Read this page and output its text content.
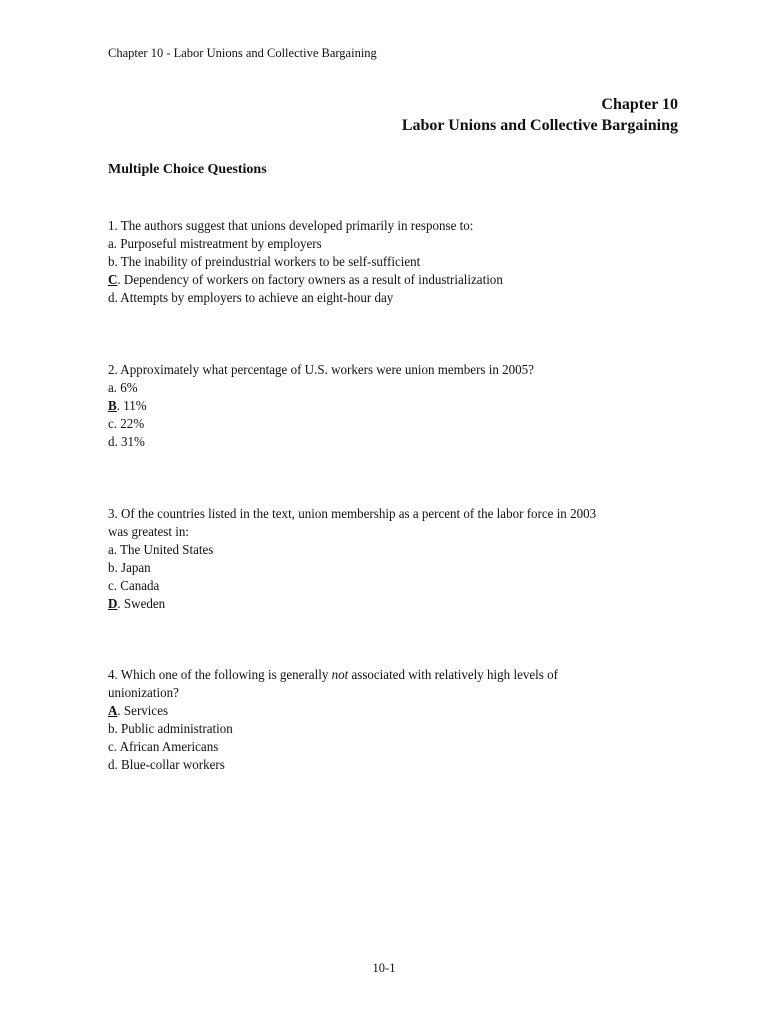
Chapter 10 - Labor Unions and Collective Bargaining
Chapter 10
Labor Unions and Collective Bargaining
Multiple Choice Questions
1. The authors suggest that unions developed primarily in response to:
a. Purposeful mistreatment by employers
b. The inability of preindustrial workers to be self-sufficient
C. Dependency of workers on factory owners as a result of industrialization
d. Attempts by employers to achieve an eight-hour day
2. Approximately what percentage of U.S. workers were union members in 2005?
a. 6%
B. 11%
c. 22%
d. 31%
3. Of the countries listed in the text, union membership as a percent of the labor force in 2003
was greatest in:
a. The United States
b. Japan
c. Canada
D. Sweden
4. Which one of the following is generally not associated with relatively high levels of
unionization?
A. Services
b. Public administration
c. African Americans
d. Blue-collar workers
10-1
